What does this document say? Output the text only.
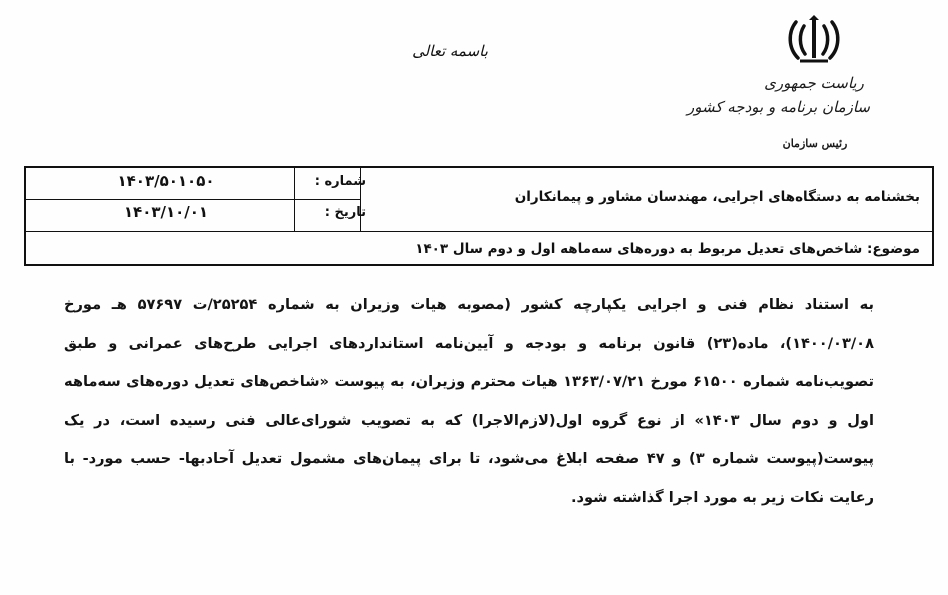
ریاست جمهوری
سازمان برنامه و بودجه کشور
رئیس سازمان
باسمه تعالی
بخشنامه به دستگاه‌های اجرایی، مهندسان مشاور و پیمانکاران
شماره :
۱۴۰۳/۵۰۱۰۵۰
تاریخ :
۱۴۰۳/۱۰/۰۱
موضوع: شاخص‌های تعدیل مربوط به دوره‌های سه‌ماهه اول و دوم سال ۱۴۰۳
به استناد نظام فنی و اجرایی یکپارچه کشور (مصوبه هیات وزیران به شماره ۲۵۲۵۴/ت ۵۷۶۹۷ هـ مورخ ۱۴۰۰/۰۳/۰۸)، ماده(۲۳) قانون برنامه و بودجه و آیین‌نامه استانداردهای اجرایی طرح‌های عمرانی و طبق تصویب‌نامه شماره ۶۱۵۰۰ مورخ ۱۳۶۳/۰۷/۲۱ هیات محترم وزیران، به پیوست «شاخص‌های تعدیل دوره‌های سه‌ماهه اول و دوم سال ۱۴۰۳» از نوع گروه اول(لازم‌الاجرا) که به تصویب شورای‌عالی فنی رسیده است، در یک پیوست(پیوست شماره ۳) و ۴۷ صفحه ابلاغ می‌شود، تا برای پیمان‌های مشمول تعدیل آحادبها- حسب مورد- با رعایت نکات زیر به مورد اجرا گذاشته شود.
